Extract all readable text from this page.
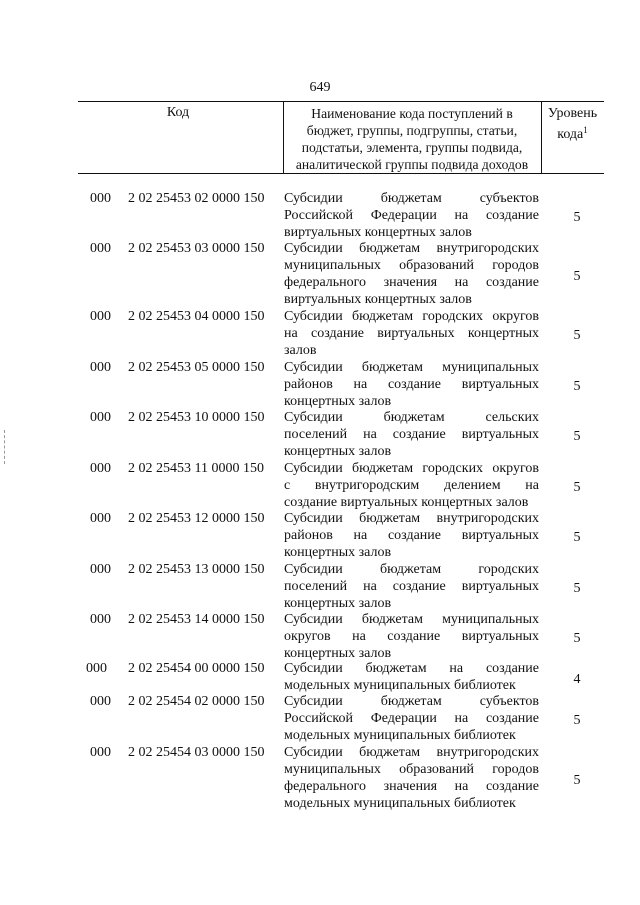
649
Код	Наименование кода поступлений в
бюджет, группы, подгруппы, статьи,
подстатьи, элемента, группы подвида,
аналитической группы подвида доходов
Уровень
кода$^1$
000 2 02 25453 02 0000 150 Субсидии бюджетам субъектов
Российской Федерации на создание
виртуальных концертных залов
5
000 2 02 25453 03 0000 150 Субсидии бюджетам внутригородских
муниципальных образований городов
федерального значения на создание
виртуальных концертных залов
5
000 2 02 25453 04 0000 150 Субсидии бюджетам городских округов
на создание виртуальных концертных
залов
5
000 2 02 25453 05 0000 150 Субсидии бюджетам муниципальных
районов на создание виртуальных
концертных залов
5
000 2 02 25453 10 0000 150 Субсидии бюджетам сельских
поселений на создание виртуальных
концертных залов
5
000 2 02 25453 11 0000 150 Субсидии бюджетам городских округов
с внутригородским делением на
создание виртуальных концертных залов
5
000 2 02 25453 12 0000 150 Субсидии бюджетам внутригородских
районов на создание виртуальных
концертных залов
5
000 2 02 25453 13 0000 150 Субсидии бюджетам городских
поселений на создание виртуальных
концертных залов
5
000 2 02 25453 14 0000 150 Субсидии бюджетам муниципальных
округов на создание виртуальных
концертных залов
5
000 2 02 25454 00 0000 150 Субсидии бюджетам на создание
модельных муниципальных библиотек	4
000 2 02 25454 02 0000 150 Субсидии бюджетам субъектов
Российской Федерации на создание
модельных муниципальных библиотек
5
000 2 02 25454 03 0000 150 Субсидии бюджетам внутригородских
муниципальных образований городов
федерального значения на создание
модельных муниципальных библиотек
5
